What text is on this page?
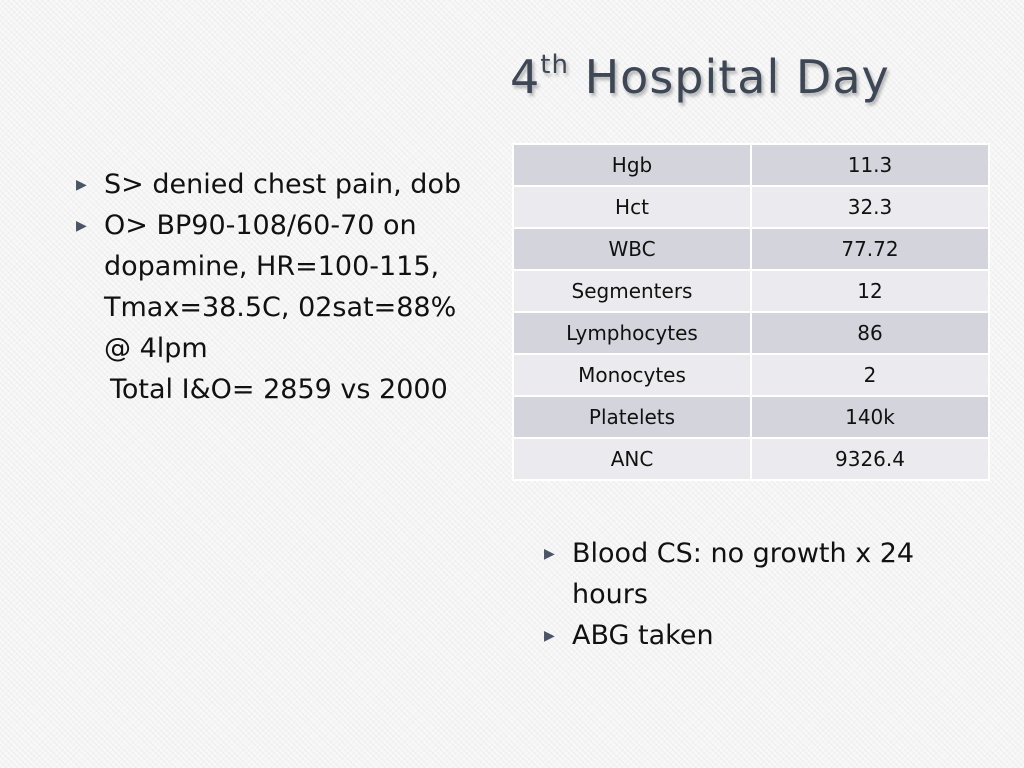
4th Hospital Day
▶ S> denied chest pain, dob
▶ O> BP90-108/60-70 on dopamine, HR=100-115, Tmax=38.5C, 02sat=88% @ 4lpm
Total I&O= 2859 vs 2000
Hgb	11.3
Hct	32.3
WBC	77.72
Segmenters	12
Lymphocytes	86
Monocytes	2
Platelets	140k
ANC	9326.4
▶ Blood CS: no growth x 24 hours
▶ ABG taken
